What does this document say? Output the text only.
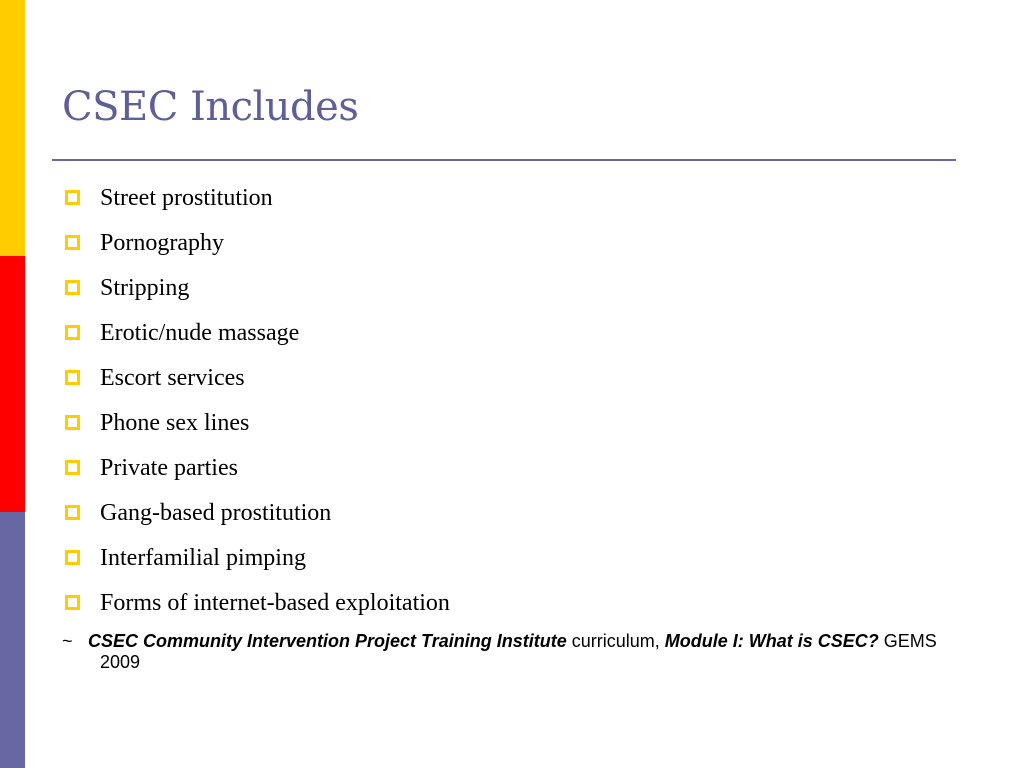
CSEC Includes
Street prostitution
Pornography
Stripping
Erotic/nude massage
Escort services
Phone sex lines
Private parties
Gang-based prostitution
Interfamilial pimping
Forms of internet-based exploitation
~ CSEC Community Intervention Project Training Institute curriculum, Module I: What is CSEC? GEMS 2009
